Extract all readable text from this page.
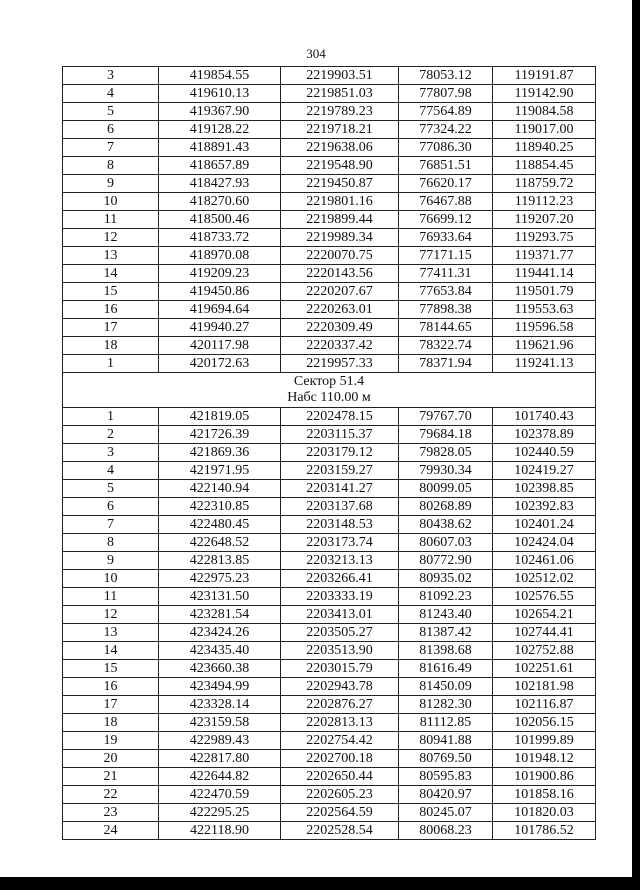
304
3	419854.55	2219903.51	78053.12	119191.87
4	419610.13	2219851.03	77807.98	119142.90
5	419367.90	2219789.23	77564.89	119084.58
6	419128.22	2219718.21	77324.22	119017.00
7	418891.43	2219638.06	77086.30	118940.25
8	418657.89	2219548.90	76851.51	118854.45
9	418427.93	2219450.87	76620.17	118759.72
10	418270.60	2219801.16	76467.88	119112.23
11	418500.46	2219899.44	76699.12	119207.20
12	418733.72	2219989.34	76933.64	119293.75
13	418970.08	2220070.75	77171.15	119371.77
14	419209.23	2220143.56	77411.31	119441.14
15	419450.86	2220207.67	77653.84	119501.79
16	419694.64	2220263.01	77898.38	119553.63
17	419940.27	2220309.49	78144.65	119596.58
18	420117.98	2220337.42	78322.74	119621.96
1	420172.63	2219957.33	78371.94	119241.13

Сектор 51.4
Набс 110.00 м				

1	421819.05	2202478.15	79767.70	101740.43
2	421726.39	2203115.37	79684.18	102378.89
3	421869.36	2203179.12	79828.05	102440.59
4	421971.95	2203159.27	79930.34	102419.27
5	422140.94	2203141.27	80099.05	102398.85
6	422310.85	2203137.68	80268.89	102392.83
7	422480.45	2203148.53	80438.62	102401.24
8	422648.52	2203173.74	80607.03	102424.04
9	422813.85	2203213.13	80772.90	102461.06
10	422975.23	2203266.41	80935.02	102512.02
11	423131.50	2203333.19	81092.23	102576.55
12	423281.54	2203413.01	81243.40	102654.21
13	423424.26	2203505.27	81387.42	102744.41
14	423435.40	2203513.90	81398.68	102752.88
15	423660.38	2203015.79	81616.49	102251.61
16	423494.99	2202943.78	81450.09	102181.98
17	423328.14	2202876.27	81282.30	102116.87
18	423159.58	2202813.13	81112.85	102056.15
19	422989.43	2202754.42	80941.88	101999.89
20	422817.80	2202700.18	80769.50	101948.12
21	422644.82	2202650.44	80595.83	101900.86
22	422470.59	2202605.23	80420.97	101858.16
23	422295.25	2202564.59	80245.07	101820.03
24	422118.90	2202528.54	80068.23	101786.52
